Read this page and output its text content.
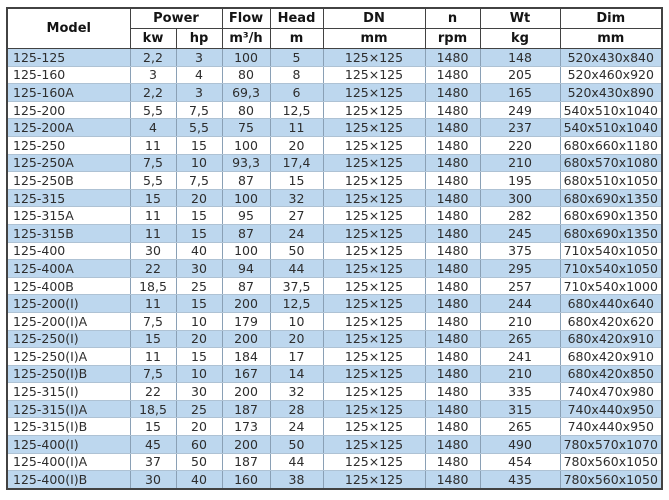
Model	Power		Flow	Head	DN	n	Wt	Dim
	kw	hp	m³/h	m	mm	rpm	kg	mm
125-125	2,2	3	100	5	125×125	1480	148	520x430x840
125-160	3	4	80	8	125×125	1480	205	520x460x920
125-160A	2,2	3	69,3	6	125×125	1480	165	520x430x890
125-200	5,5	7,5	80	12,5	125×125	1480	249	540x510x1040
125-200A	4	5,5	75	11	125×125	1480	237	540x510x1040
125-250	11	15	100	20	125×125	1480	220	680x660x1180
125-250A	7,5	10	93,3	17,4	125×125	1480	210	680x570x1080
125-250B	5,5	7,5	87	15	125×125	1480	195	680x510x1050
125-315	15	20	100	32	125×125	1480	300	680x690x1350
125-315A	11	15	95	27	125×125	1480	282	680x690x1350
125-315B	11	15	87	24	125×125	1480	245	680x690x1350
125-400	30	40	100	50	125×125	1480	375	710x540x1050
125-400A	22	30	94	44	125×125	1480	295	710x540x1050
125-400B	18,5	25	87	37,5	125×125	1480	257	710x540x1000
125-200(I)	11	15	200	12,5	125×125	1480	244	680x440x640
125-200(I)A	7,5	10	179	10	125×125	1480	210	680x420x620
125-250(I)	15	20	200	20	125×125	1480	265	680x420x910
125-250(I)A	11	15	184	17	125×125	1480	241	680x420x910
125-250(I)B	7,5	10	167	14	125×125	1480	210	680x420x850
125-315(I)	22	30	200	32	125×125	1480	335	740x470x980
125-315(I)A	18,5	25	187	28	125×125	1480	315	740x440x950
125-315(I)B	15	20	173	24	125×125	1480	265	740x440x950
125-400(I)	45	60	200	50	125×125	1480	490	780x570x1070
125-400(I)A	37	50	187	44	125×125	1480	454	780x560x1050
125-400(I)B	30	40	160	38	125×125	1480	435	780x560x1050
